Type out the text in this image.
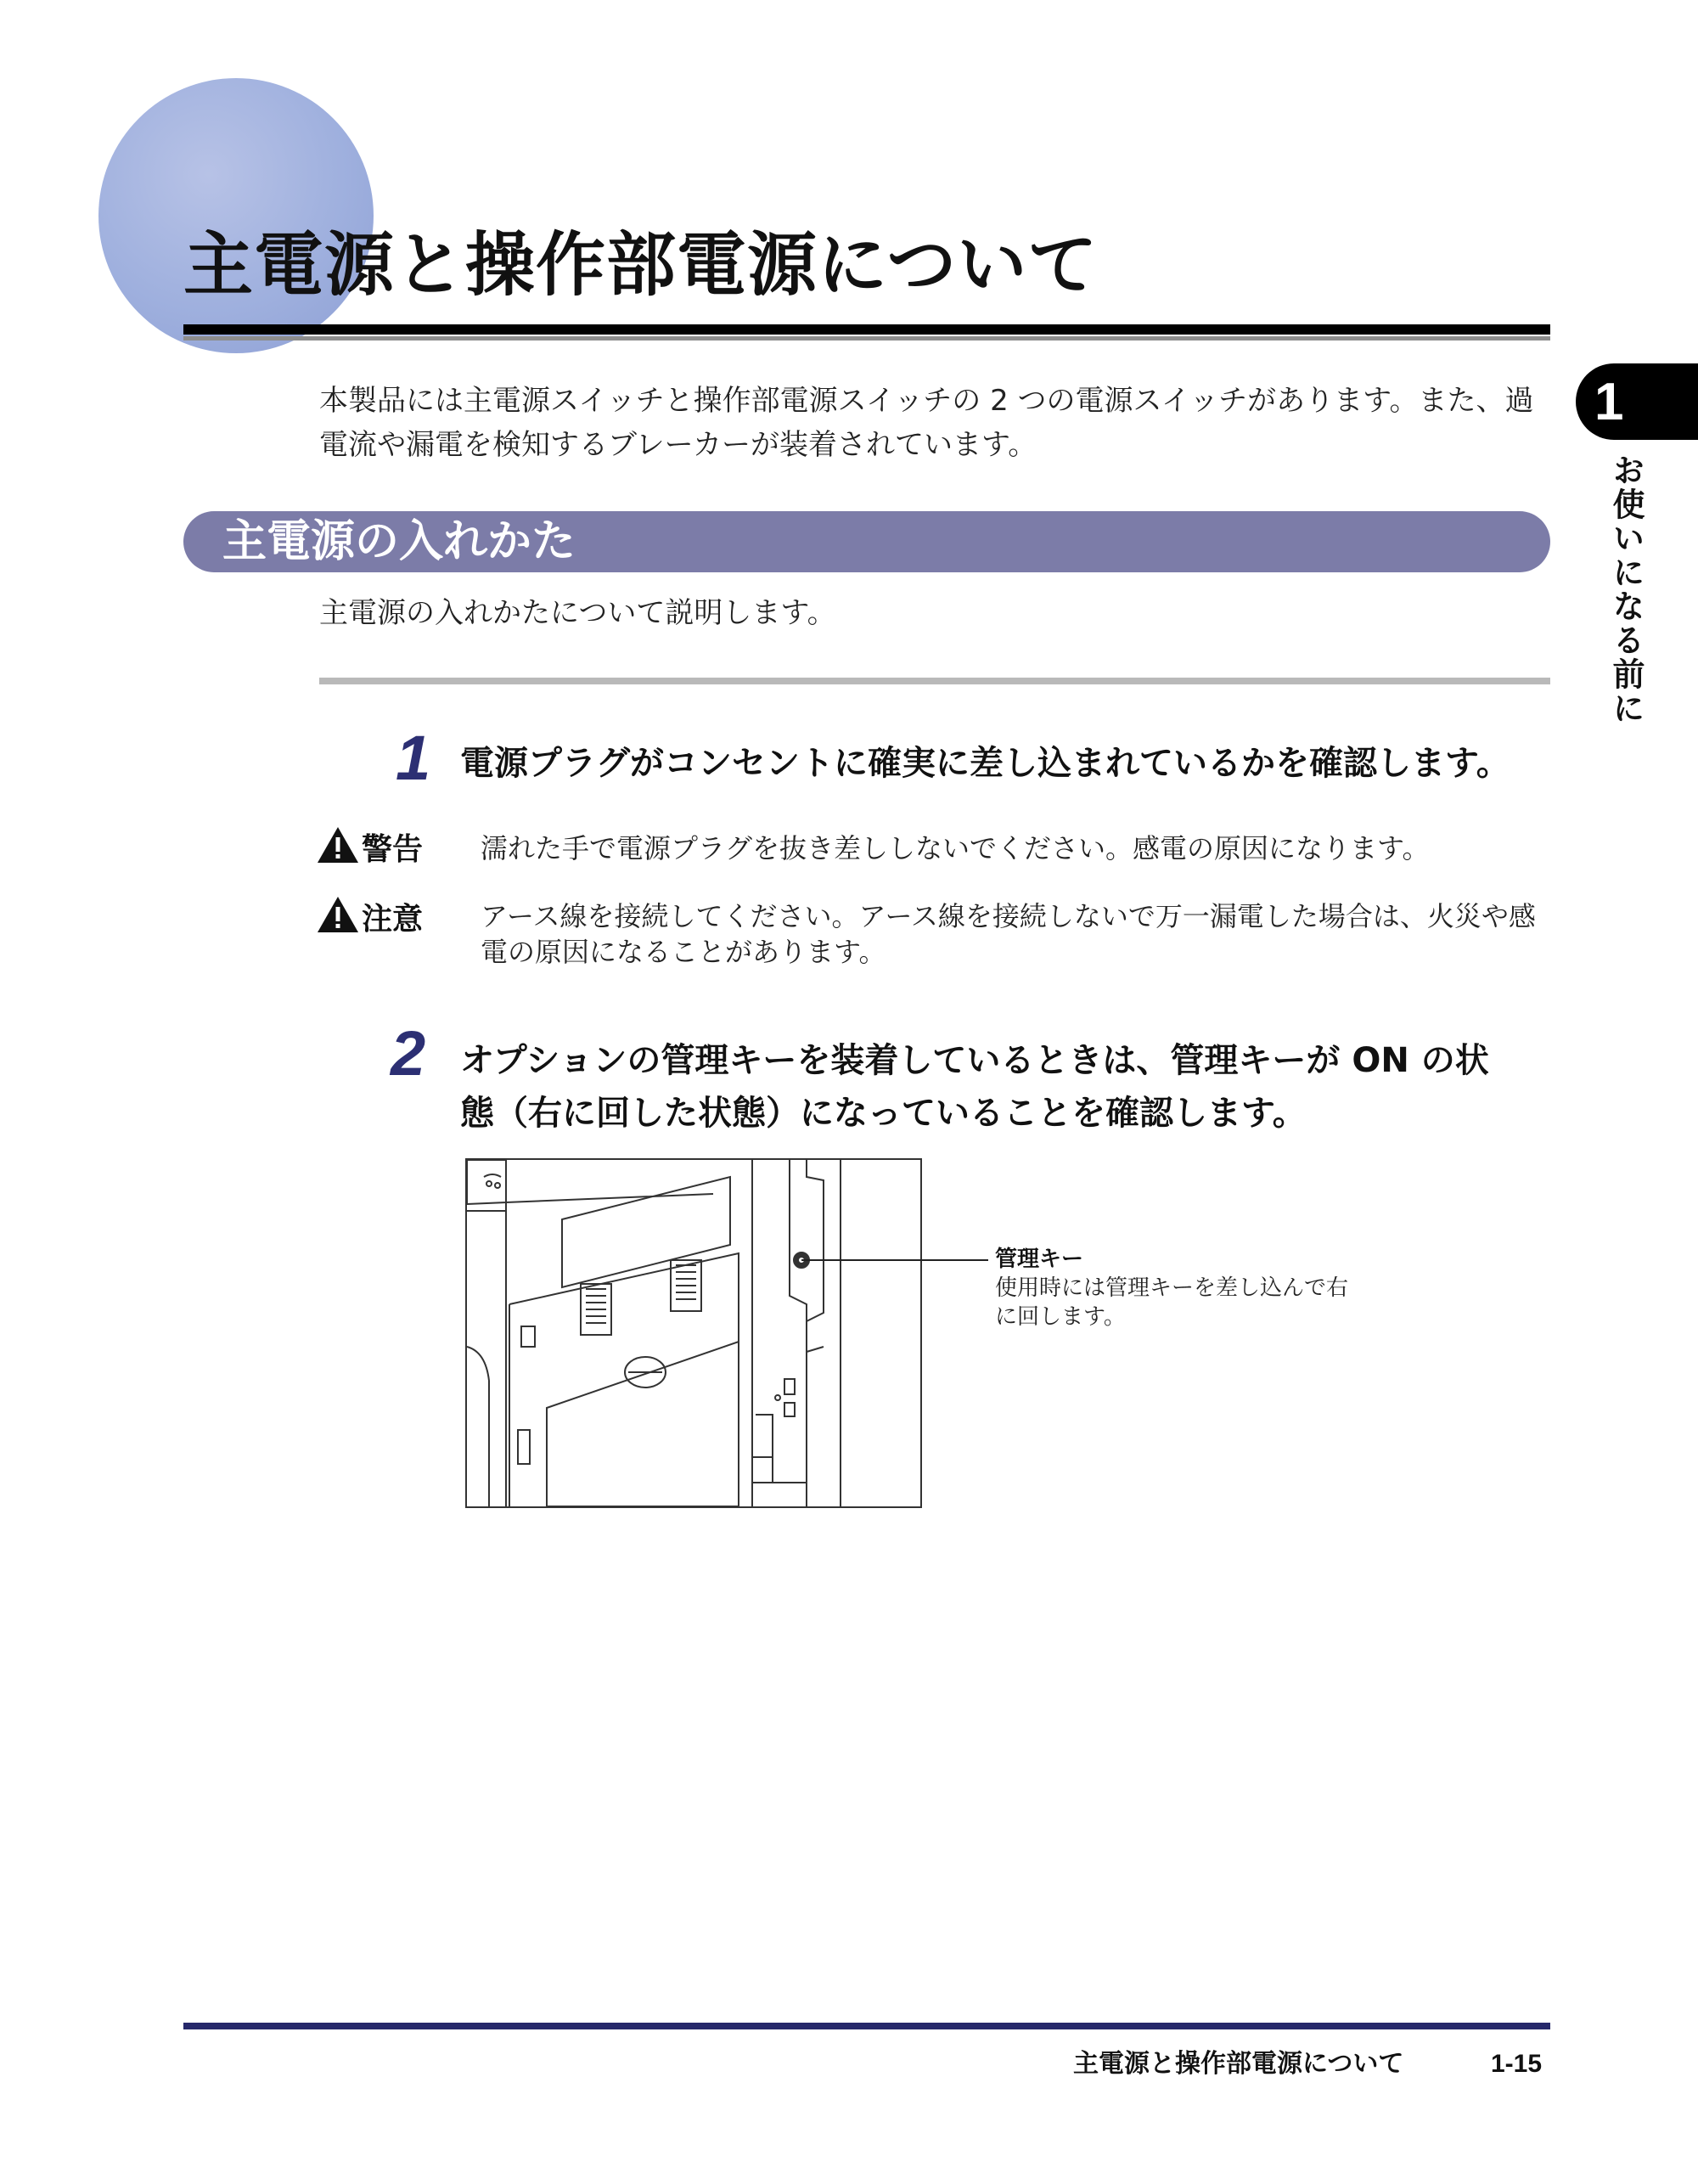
主電源と操作部電源について
1
お使いになる前に
本製品には主電源スイッチと操作部電源スイッチの 2 つの電源スイッチがあります。また、過電流や漏電を検知するブレーカーが装着されています。
主電源の入れかた
主電源の入れかたについて説明します。
1 電源プラグがコンセントに確実に差し込まれているかを確認します。
警告 濡れた手で電源プラグを抜き差ししないでください。感電の原因になります。
注意 アース線を接続してください。アース線を接続しないで万一漏電した場合は、火災や感電の原因になることがあります。
2 オプションの管理キーを装着しているときは、管理キーが ON の状態（右に回した状態）になっていることを確認します。
管理キー
使用時には管理キーを差し込んで右に回します。
主電源と操作部電源について	1-15
